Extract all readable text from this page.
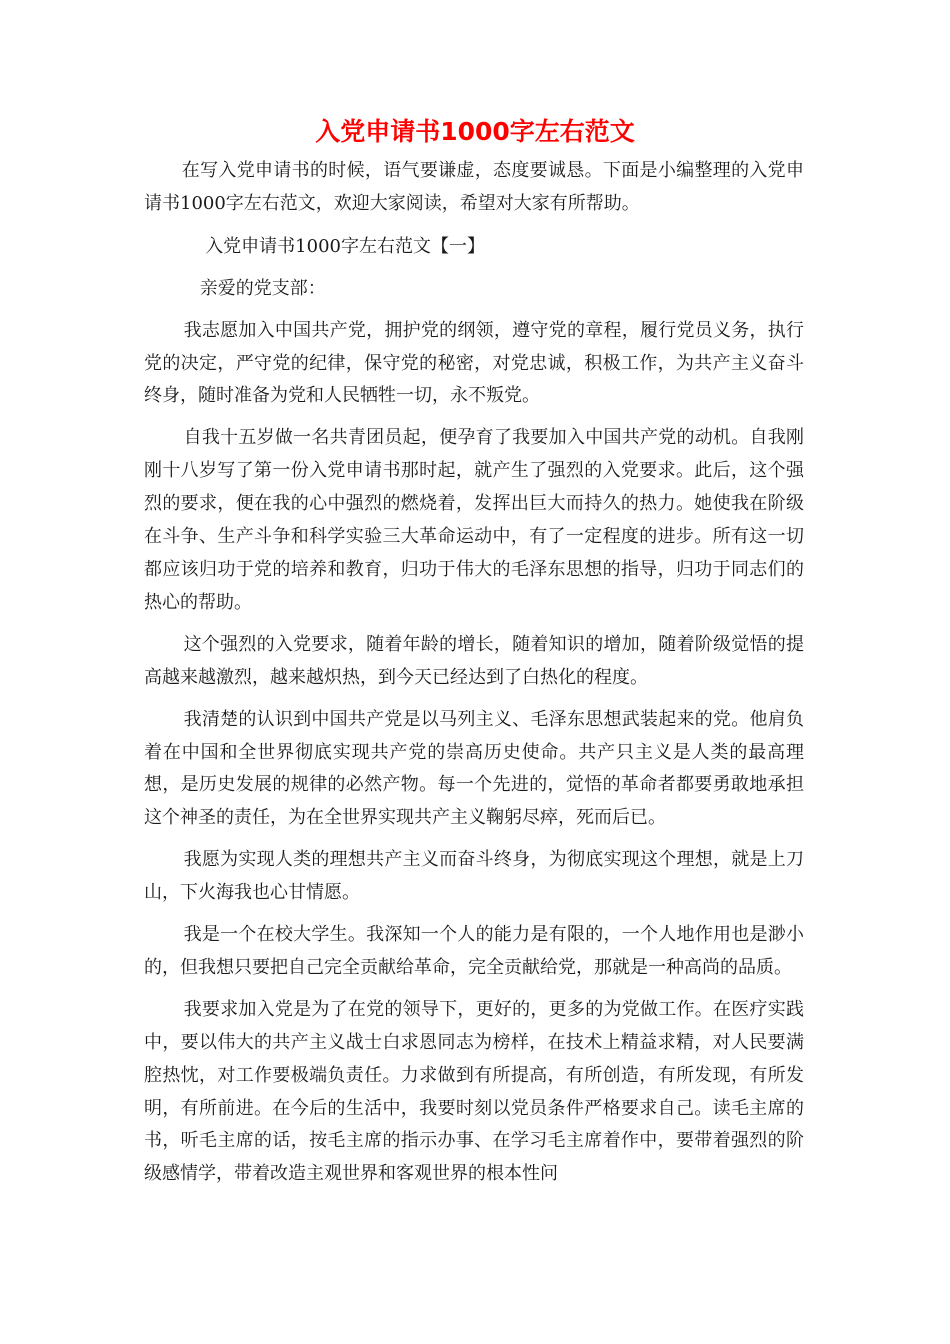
入党申请书1000字左右范文

在写入党申请书的时候，语气要谦虚，态度要诚恳。下面是小编整理的入党申请书1000字左右范文，欢迎大家阅读，希望对大家有所帮助。

入党申请书1000字左右范文【一】

亲爱的党支部：

我志愿加入中国共产党，拥护党的纲领，遵守党的章程，履行党员义务，执行党的决定，严守党的纪律，保守党的秘密，对党忠诚，积极工作，为共产主义奋斗终身，随时准备为党和人民牺牲一切，永不叛党。

自我十五岁做一名共青团员起，便孕育了我要加入中国共产党的动机。自我刚刚十八岁写了第一份入党申请书那时起，就产生了强烈的入党要求。此后，这个强烈的要求，便在我的心中强烈的燃烧着，发挥出巨大而持久的热力。她使我在阶级在斗争、生产斗争和科学实验三大革命运动中，有了一定程度的进步。所有这一切都应该归功于党的培养和教育，归功于伟大的毛泽东思想的指导，归功于同志们的热心的帮助。

这个强烈的入党要求，随着年龄的增长，随着知识的增加，随着阶级觉悟的提高越来越激烈，越来越炽热，到今天已经达到了白热化的程度。

我清楚的认识到中国共产党是以马列主义、毛泽东思想武装起来的党。他肩负着在中国和全世界彻底实现共产党的崇高历史使命。共产只主义是人类的最高理想，是历史发展的规律的必然产物。每一个先进的，觉悟的革命者都要勇敢地承担这个神圣的责任，为在全世界实现共产主义鞠躬尽瘁，死而后已。

我愿为实现人类的理想共产主义而奋斗终身，为彻底实现这个理想，就是上刀山，下火海我也心甘情愿。

我是一个在校大学生。我深知一个人的能力是有限的，一个人地作用也是渺小的，但我想只要把自己完全贡献给革命，完全贡献给党，那就是一种高尚的品质。

我要求加入党是为了在党的领导下，更好的，更多的为党做工作。在医疗实践中，要以伟大的共产主义战士白求恩同志为榜样，在技术上精益求精，对人民要满腔热忱，对工作要极端负责任。力求做到有所提高，有所创造，有所发现，有所发明，有所前进。在今后的生活中，我要时刻以党员条件严格要求自己。读毛主席的书，听毛主席的话，按毛主席的指示办事、在学习毛主席着作中，要带着强烈的阶级感情学，带着改造主观世界和客观世界的根本性问
